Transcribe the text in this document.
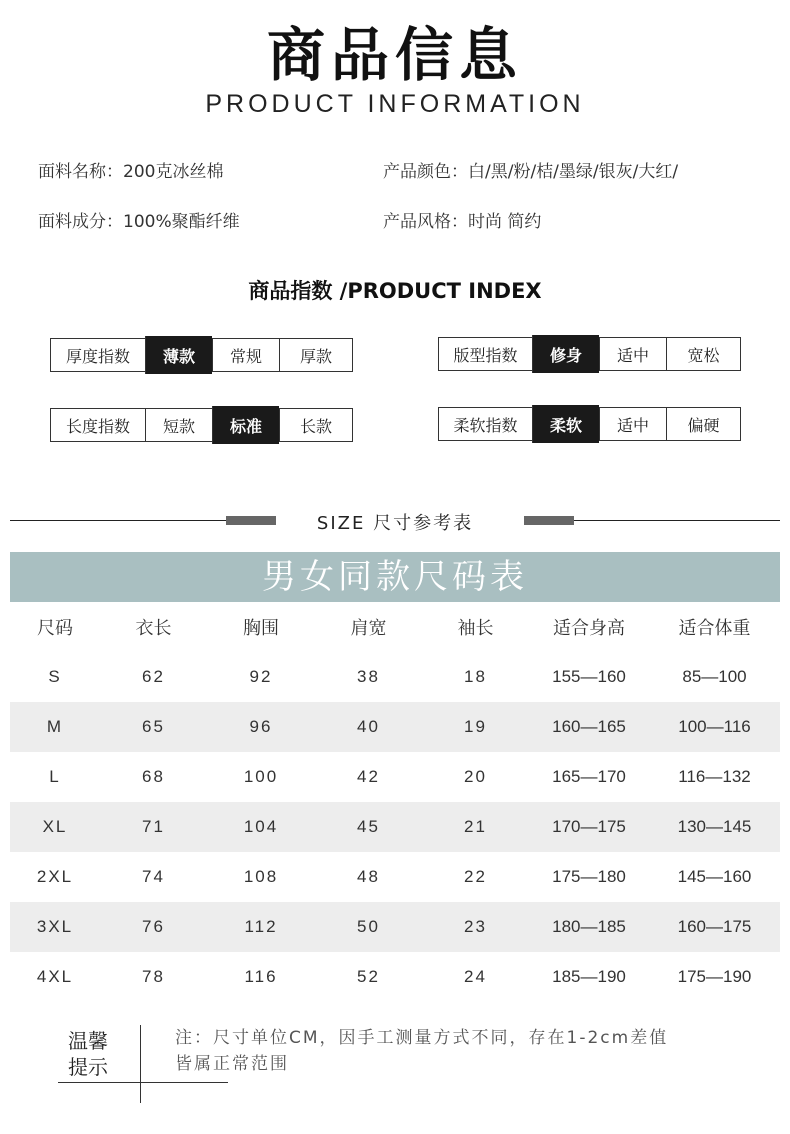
商品信息
PRODUCT INFORMATION
面料名称：200克冰丝棉
面料成分：100%聚酯纤维
产品颜色：白/黑/粉/桔/墨绿/银灰/大红/
产品风格：时尚 简约
商品指数 /PRODUCT INDEX
厚度指数	薄款	常规	厚款	版型指数	修身	适中	宽松
长度指数	短款	标准	长款	柔软指数	柔软	适中	偏硬
SIZE 尺寸参考表
男女同款尺码表
尺码	衣长	胸围	肩宽	袖长	适合身高	适合体重
S	62	92	38	18	155—160	85—100
M	65	96	40	19	160—165	100—116
L	68	100	42	20	165—170	116—132
XL	71	104	45	21	170—175	130—145
2XL	74	108	48	22	175—180	145—160
3XL	76	112	50	23	180—185	160—175
4XL	78	116	52	24	185—190	175—190
温馨
提示
注：尺寸单位CM，因手工测量方式不同，存在1-2cm差值
皆属正常范围
